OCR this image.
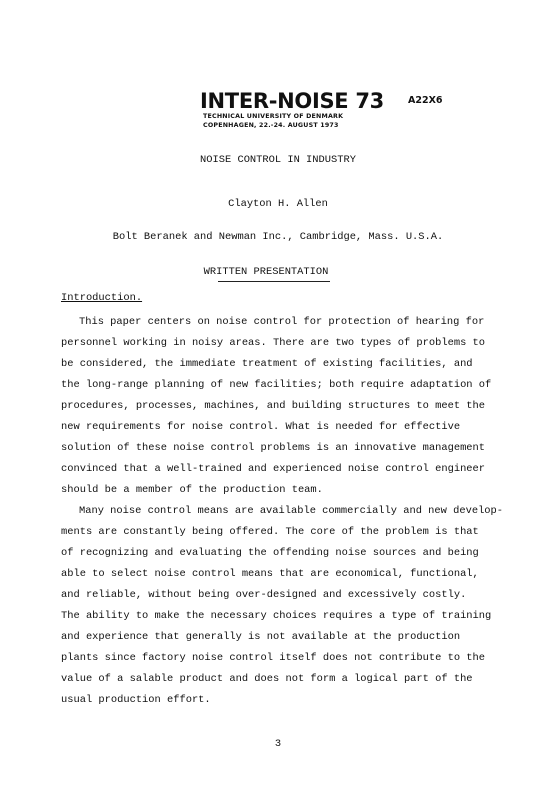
INTER-NOISE 73	A22X6
TECHNICAL UNIVERSITY OF DENMARK
COPENHAGEN, 22.-24. AUGUST 1973
NOISE CONTROL IN INDUSTRY
Clayton H. Allen
Bolt Beranek and Newman Inc., Cambridge, Mass. U.S.A.
WRITTEN PRESENTATION
Introduction.
This paper centers on noise control for protection of hearing for
personnel working in noisy areas. There are two types of problems to
be considered, the immediate treatment of existing facilities, and
the long-range planning of new facilities; both require adaptation of
procedures, processes, machines, and building structures to meet the
new requirements for noise control. What is needed for effective
solution of these noise control problems is an innovative management
convinced that a well-trained and experienced noise control engineer
should be a member of the production team.
Many noise control means are available commercially and new develop-
ments are constantly being offered. The core of the problem is that
of recognizing and evaluating the offending noise sources and being
able to select noise control means that are economical, functional,
and reliable, without being over-designed and excessively costly.
The ability to make the necessary choices requires a type of training
and experience that generally is not available at the production
plants since factory noise control itself does not contribute to the
value of a salable product and does not form a logical part of the
usual production effort.
3
